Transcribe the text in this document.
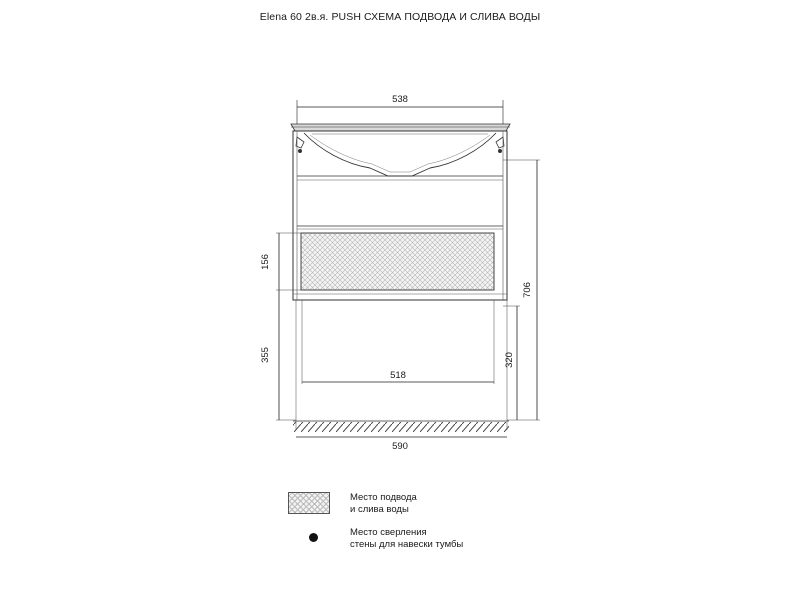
Elena 60 2в.я. PUSH СХЕМА ПОДВОДА И СЛИВА ВОДЫ
538
156
355
706
320
518
590
Место подвода
и слива воды
Место сверления
стены для навески тумбы
